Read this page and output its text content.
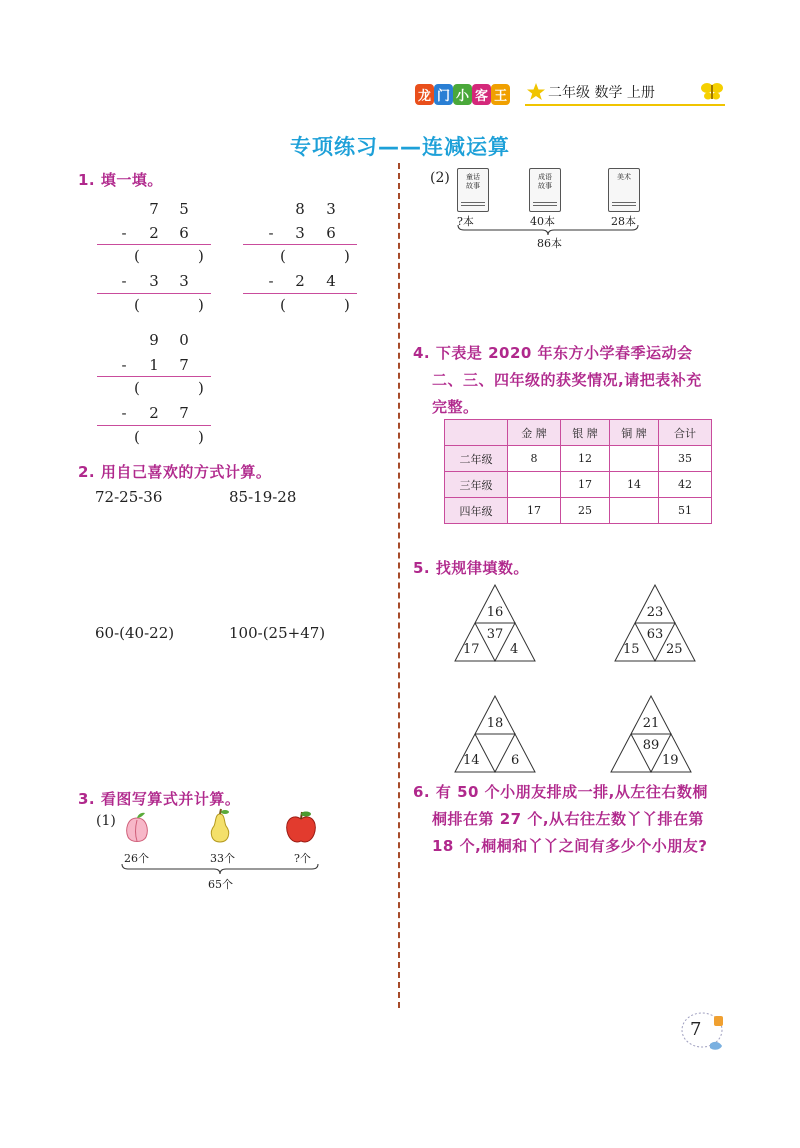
龙 门 小 客 王	二年级 数学 上册
专项练习——连减运算
1. 填一填。
7 5
-	2 6
(	)
-	3 3
(	)
8 3
-	3 6
(	)
-	2 4
(	)
9 0
-	1 7
(	)
-	2 7
(	)
2. 用自己喜欢的方式计算。
72-25-36	85-19-28
60-(40-22)	100-(25+47)
3. 看图写算式并计算。
(1)
26个	33个	?个
65个
(2)	童话
故事
成语
故事
美术
?本	40本	28本
86本
4. 下表是 2020 年东方小学春季运动会
二、三、四年级的获奖情况,请把表补充
完整。
	金 牌	银 牌	铜 牌	合计
二年级	8	12		35
三年级		17	14	42
四年级	17	25		51
5. 找规律填数。
16
37
17 4
23
63
15 25
18
14 6
21
89
19
6. 有 50 个小朋友排成一排,从左往右数桐
桐排在第 27 个,从右往左数丫丫排在第
18 个,桐桐和丫丫之间有多少个小朋友?
7
